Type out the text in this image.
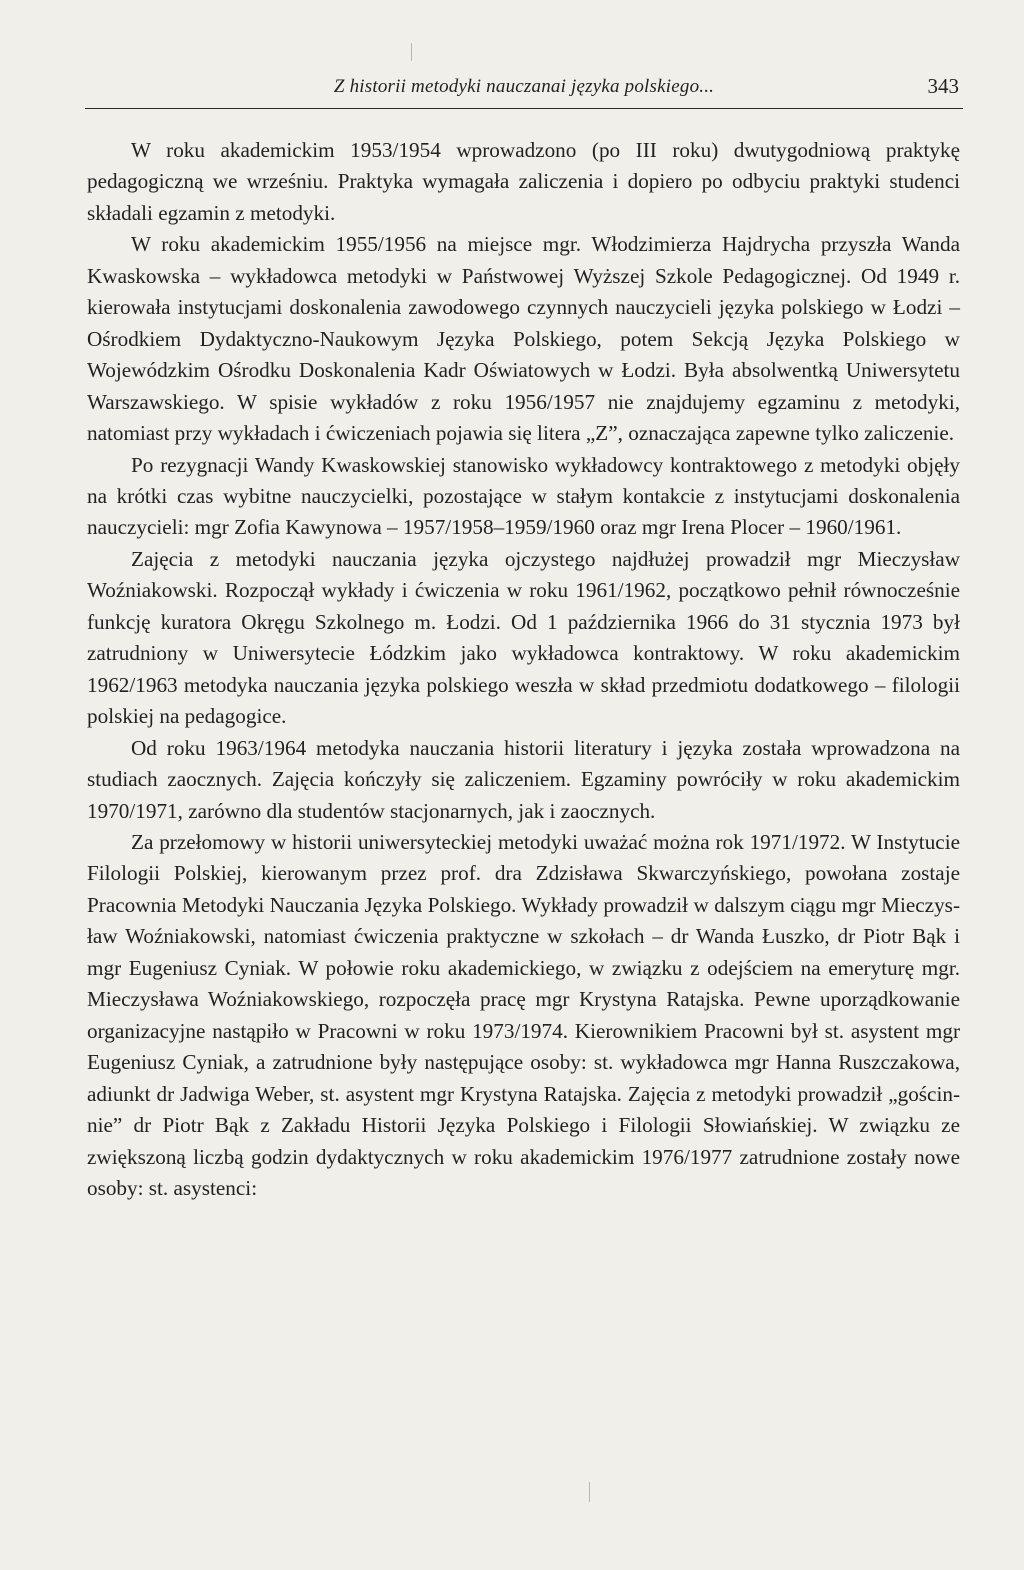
Z historii metodyki nauczanai języka polskiego...	343

W roku akademickim 1953/1954 wprowadzono (po III roku) dwutygodniową praktykę pedagogiczną we wrześniu. Praktyka wymagała zaliczenia i dopiero po odbyciu praktyki studenci składali egzamin z metodyki.

W roku akademickim 1955/1956 na miejsce mgr. Włodzimierza Hajdrycha przyszła Wanda Kwaskowska – wykładowca metodyki w Państwowej Wyższej Szkole Pedagogicznej. Od 1949 r. kierowała instytucjami doskonalenia zawodowego czynnych nauczycieli języka polskiego w Łodzi – Ośrodkiem Dydaktyczno-Naukowym Języka Polskiego, potem Sekcją Języka Polskiego w Wojewódzkim Ośrodku Doskonalenia Kadr Oświatowych w Łodzi. Była absolwentką Uniwersytetu Warszawskiego. W spisie wykładów z roku 1956/1957 nie znajdujemy egzaminu z metodyki, natomiast przy wykładach i ćwiczeniach pojawia się litera „Z”, oznaczająca zapewne tylko zaliczenie.

Po rezygnacji Wandy Kwaskowskiej stanowisko wykładowcy kontraktowego z metodyki objęły na krótki czas wybitne nauczycielki, pozostające w stałym kontakcie z instytucjami doskonalenia nauczycieli: mgr Zofia Kawynowa – 1957/1958–1959/1960 oraz mgr Irena Plocer – 1960/1961.

Zajęcia z metodyki nauczania języka ojczystego najdłużej prowadził mgr Mieczysław Woźniakowski. Rozpoczął wykłady i ćwiczenia w roku 1961/1962, początkowo pełnił równocześnie funkcję kuratora Okręgu Szkolnego m. Łodzi. Od 1 października 1966 do 31 stycznia 1973 był zatrudniony w Uniwersytecie Łódzkim jako wykładowca kontraktowy. W roku akademickim 1962/1963 metodyka nauczania języka polskiego weszła w skład przedmiotu dodatkowego – filologii polskiej na pedagogice.

Od roku 1963/1964 metodyka nauczania historii literatury i języka została wprowadzona na studiach zaocznych. Zajęcia kończyły się zaliczeniem. Egzaminy powróciły w roku akademickim 1970/1971, zarówno dla studentów stacjonarnych, jak i zaocznych.

Za przełomowy w historii uniwersyteckiej metodyki uważać można rok 1971/1972. W Instytucie Filologii Polskiej, kierowanym przez prof. dra Zdzisława Skwarczyńskiego, powołana zostaje Pracownia Metodyki Nauczania Języka Polskiego. Wykłady prowadził w dalszym ciągu mgr Mieczysław Woźniakowski, natomiast ćwiczenia praktyczne w szkołach – dr Wanda Łuszko, dr Piotr Bąk i mgr Eugeniusz Cyniak. W połowie roku akademickiego, w związku z odejściem na emeryturę mgr. Mieczysława Woźniakowskiego, rozpoczęła pracę mgr Krystyna Ratajska. Pewne uporządkowanie organizacyjne nastąpiło w Pracowni w roku 1973/1974. Kierownikiem Pracowni był st. asystent mgr Eugeniusz Cyniak, a zatrudnione były następujące osoby: st. wykładowca mgr Hanna Ruszczakowa, adiunkt dr Jadwiga Weber, st. asystent mgr Krystyna Ratajska. Zajęcia z metodyki prowadził „gościnnie” dr Piotr Bąk z Zakładu Historii Języka Polskiego i Filologii Słowiańskiej. W związku ze zwiększoną liczbą godzin dydaktycznych w roku akademickim 1976/1977 zatrudnione zostały nowe osoby: st. asystenci:
